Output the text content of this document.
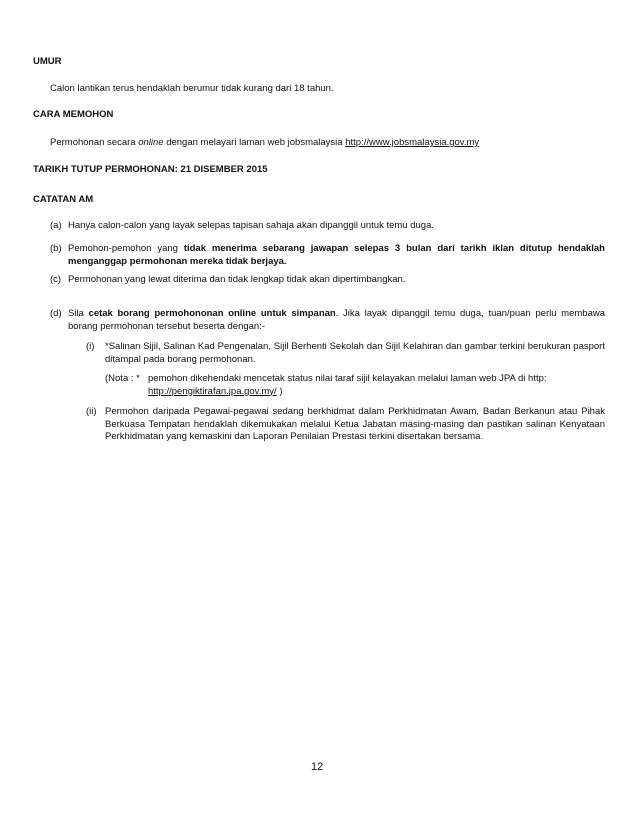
UMUR
Calon lantikan terus hendaklah berumur tidak kurang dari 18 tahun.
CARA MEMOHON
Permohonan secara online dengan melayari laman web jobsmalaysia http://www.jobsmalaysia.gov.my
TARIKH TUTUP PERMOHONAN: 21 DISEMBER 2015
CATATAN AM
(a) Hanya calon-calon yang layak selepas tapisan sahaja akan dipanggil untuk temu duga.
(b) Pemohon-pemohon yang tidak menerima sebarang jawapan selepas 3 bulan dari tarikh iklan ditutup hendaklah menganggap permohonan mereka tidak berjaya.
(c) Permohonan yang lewat diterima dan tidak lengkap tidak akan dipertimbangkan.
(d) Sila cetak borang permohononan online untuk simpanan. Jika layak dipanggil temu duga, tuan/puan perlu membawa borang permohonan tersebut beserta dengan:-
(i) *Salinan Sijil, Salinan Kad Pengenalan, Sijil Berhenti Sekolah dan Sijil Kelahiran dan gambar terkini berukuran pasport ditampal pada borang permohonan.
(Nota : * pemohon dikehendaki mencetak status nilai taraf sijil kelayakan melalui laman web JPA di http:
http://pengiktirafan.jpa.gov.my/ )
(ii) Permohon daripada Pegawai-pegawai sedang berkhidmat dalam Perkhidmatan Awam, Badan Berkanun atau Pihak Berkuasa Tempatan hendaklah dikemukakan melalui Ketua Jabatan masing-masing dan pastikan salinan Kenyataan Perkhidmatan yang kemaskini dan Laporan Penilaian Prestasi terkini disertakan bersama.
12
